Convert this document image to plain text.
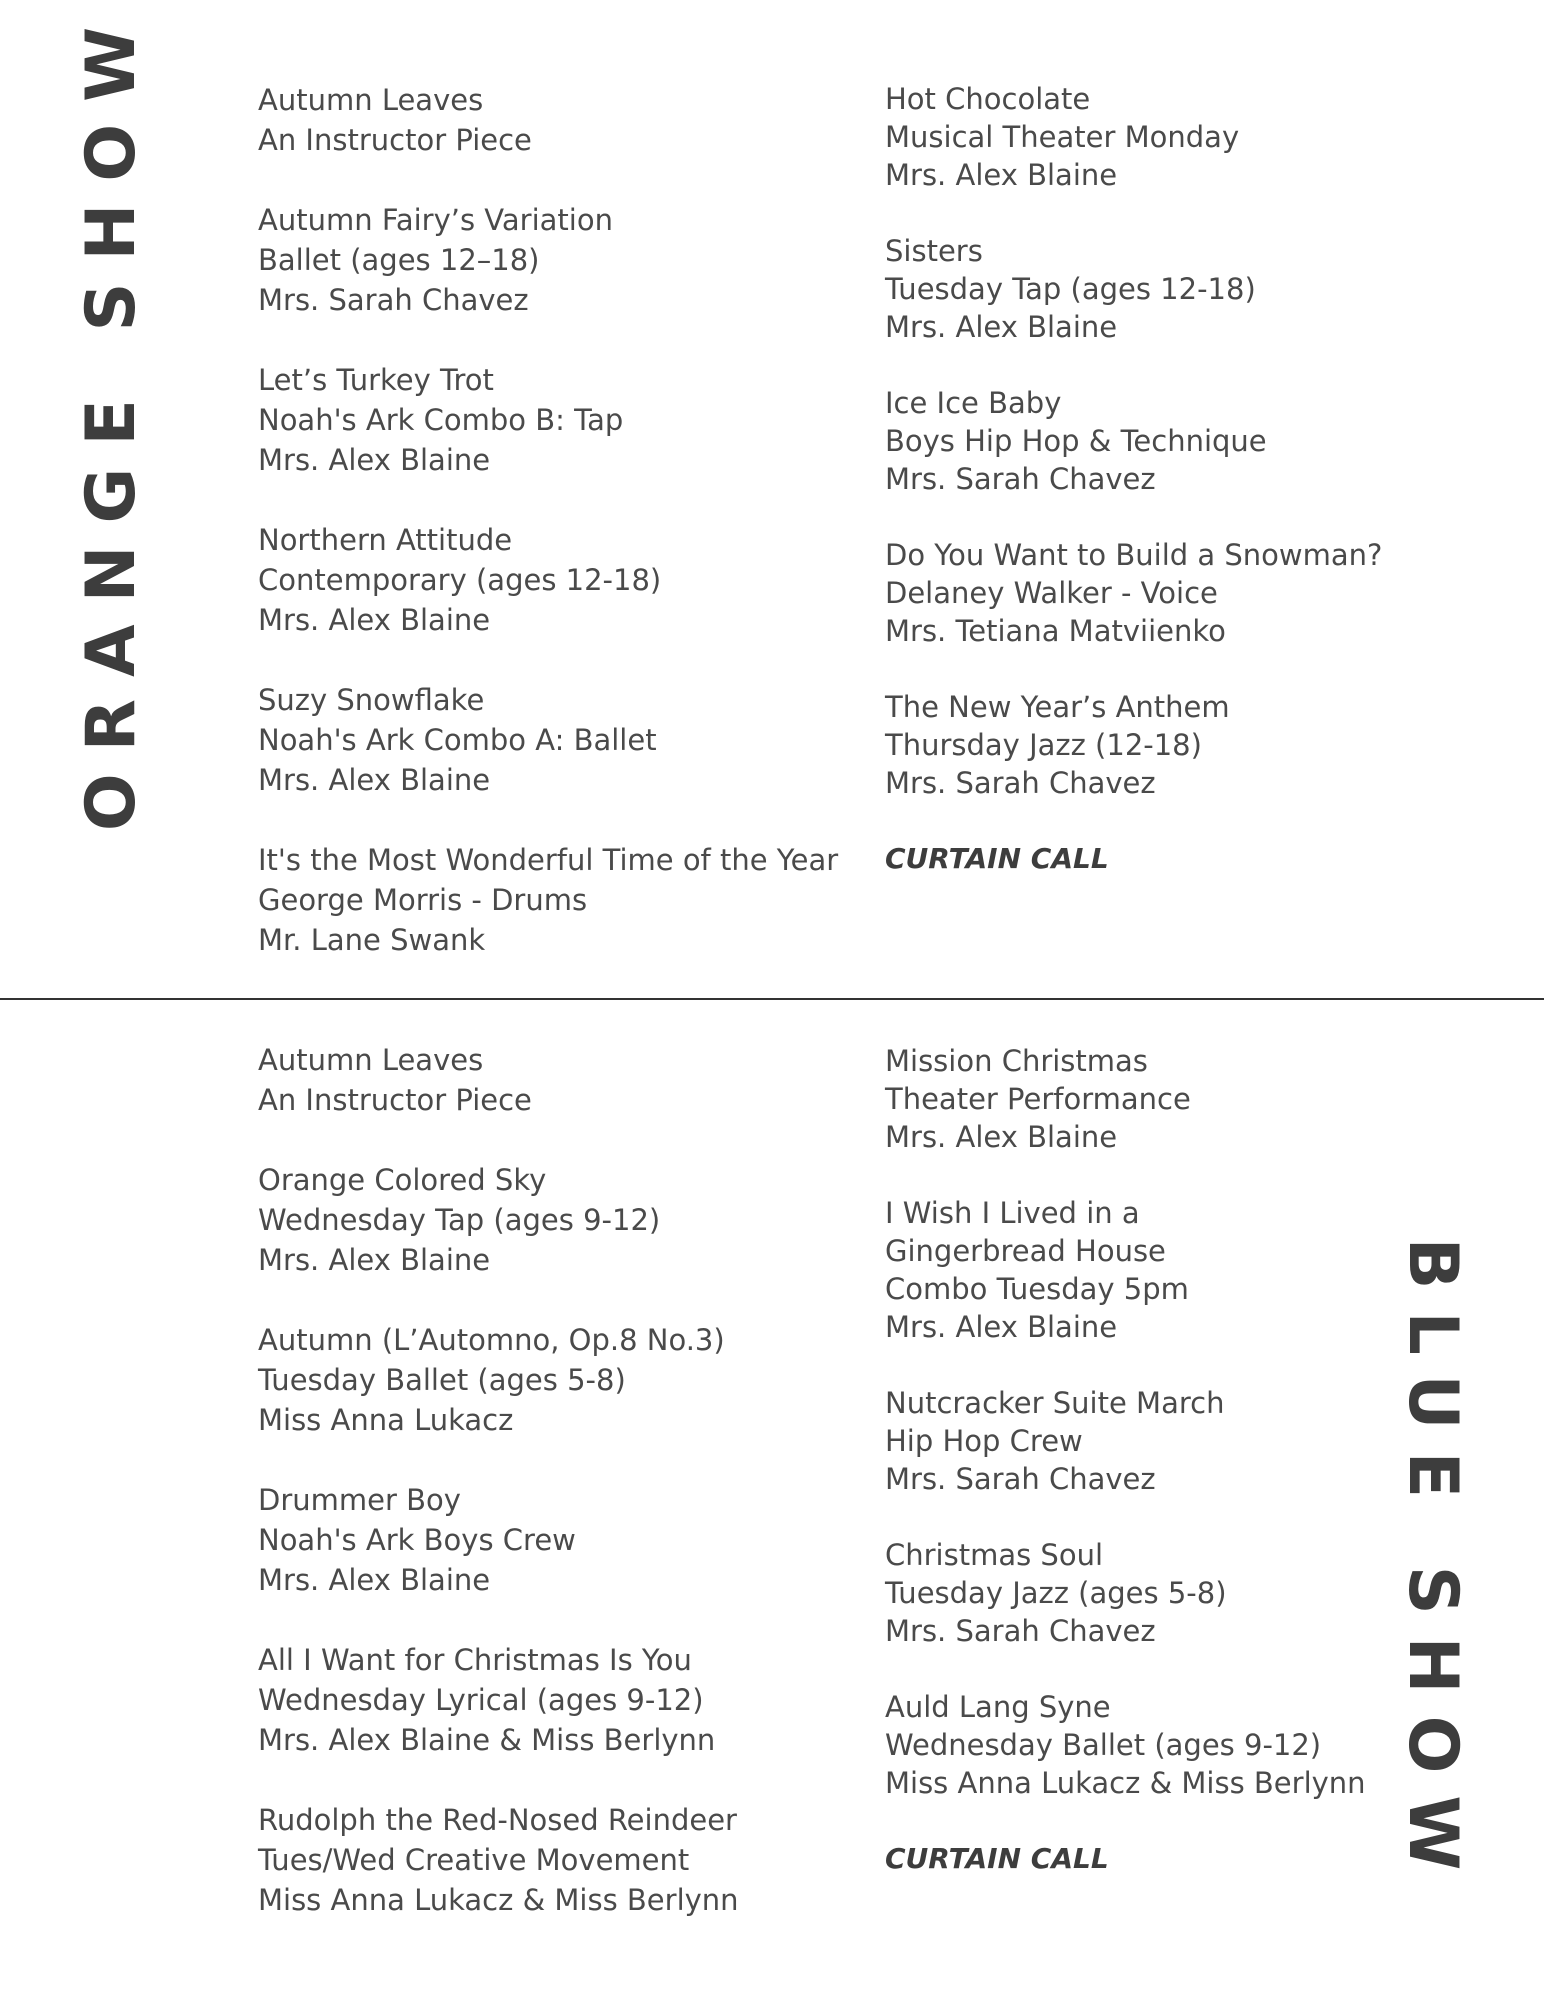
ORANGE SHOW	Autumn Leaves
An Instructor Piece
Autumn Fairy’s Variation
Ballet (ages 12–18)
Mrs. Sarah Chavez
Let’s Turkey Trot
Noah's Ark Combo B: Tap
Mrs. Alex Blaine
Northern Attitude
Contemporary (ages 12-18)
Mrs. Alex Blaine
Suzy Snowflake
Noah's Ark Combo A: Ballet
Mrs. Alex Blaine
It's the Most Wonderful Time of the Year
George Morris - Drums
Mr. Lane Swank
Hot Chocolate
Musical Theater Monday
Mrs. Alex Blaine
Sisters
Tuesday Tap (ages 12-18)
Mrs. Alex Blaine
Ice Ice Baby
Boys Hip Hop & Technique
Mrs. Sarah Chavez
Do You Want to Build a Snowman?
Delaney Walker - Voice
Mrs. Tetiana Matviienko
The New Year’s Anthem
Thursday Jazz (12-18)
Mrs. Sarah Chavez
CURTAIN CALL
Autumn Leaves
An Instructor Piece
Orange Colored Sky
Wednesday Tap (ages 9-12)
Mrs. Alex Blaine
Autumn (L’Automno, Op.8 No.3)
Tuesday Ballet (ages 5-8)
Miss Anna Lukacz
Drummer Boy
Noah's Ark Boys Crew
Mrs. Alex Blaine
All I Want for Christmas Is You
Wednesday Lyrical (ages 9-12)
Mrs. Alex Blaine & Miss Berlynn
Rudolph the Red-Nosed Reindeer
Tues/Wed Creative Movement
Miss Anna Lukacz & Miss Berlynn
Mission Christmas
Theater Performance
Mrs. Alex Blaine
I Wish I Lived in a
Gingerbread House
Combo Tuesday 5pm
Mrs. Alex Blaine
Nutcracker Suite March
Hip Hop Crew
Mrs. Sarah Chavez
Christmas Soul
Tuesday Jazz (ages 5-8)
Mrs. Sarah Chavez
Auld Lang Syne
Wednesday Ballet (ages 9-12)
Miss Anna Lukacz & Miss Berlynn
CURTAIN CALL	BLUE SHOW
